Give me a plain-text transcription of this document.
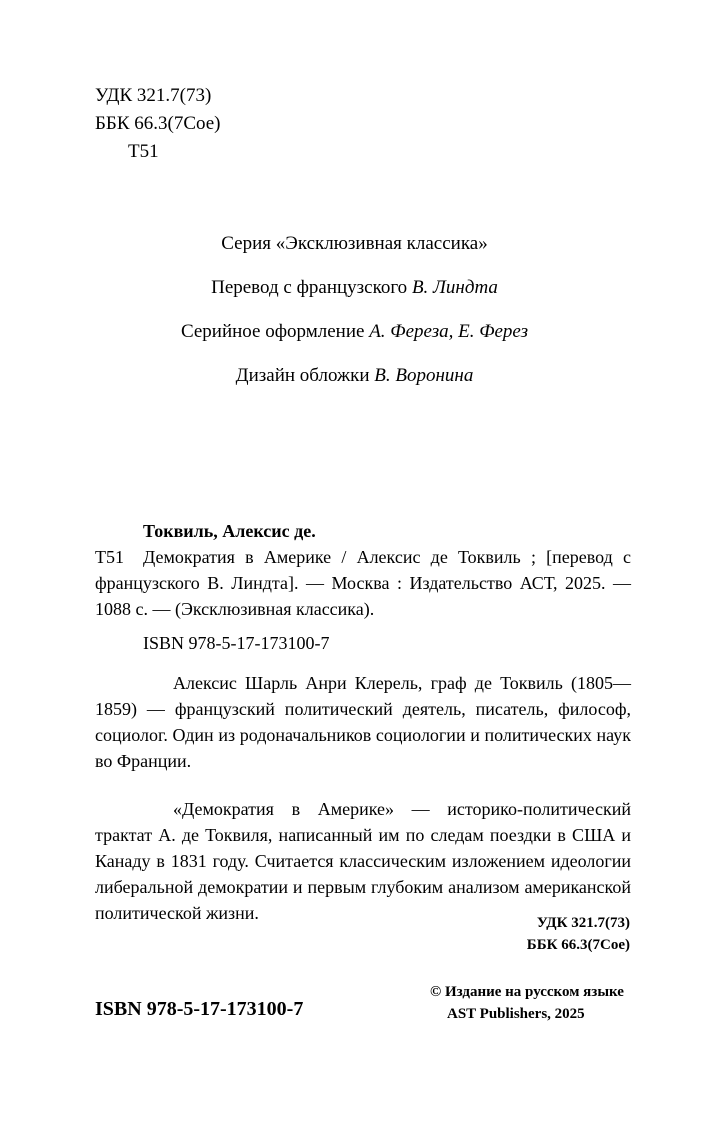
УДК 321.7(73)
ББК 66.3(7Сое)
Т51

Серия «Эксклюзивная классика»

Перевод с французского В. Линдта

Серийное оформление А. Фереза, Е. Ферез

Дизайн обложки В. Воронина

Токвиль, Алексис де.

Т51	Демократия в Америке / Алексис де Токвиль ; [перевод с французского В. Линдта]. — Москва : Издательство АСТ, 2025. — 1088 с. — (Эксклюзивная классика).

ISBN 978-5-17-173100-7

Алексис Шарль Анри Клерель, граф де Токвиль (1805—1859) — французский политический деятель, писатель, философ, социолог. Один из родоначальников социологии и политических наук во Франции.

«Демократия в Америке» — историко-политический трактат А. де Токвиля, написанный им по следам поездки в США и Канаду в 1831 году. Считается классическим изложением идеологии либеральной демократии и первым глубоким анализом американской политической жизни.	УДК 321.7(73)
ББК 66.3(7Сое)
ISBN 978-5-17-173100-7
© Издание на русском языке
AST Publishers, 2025
